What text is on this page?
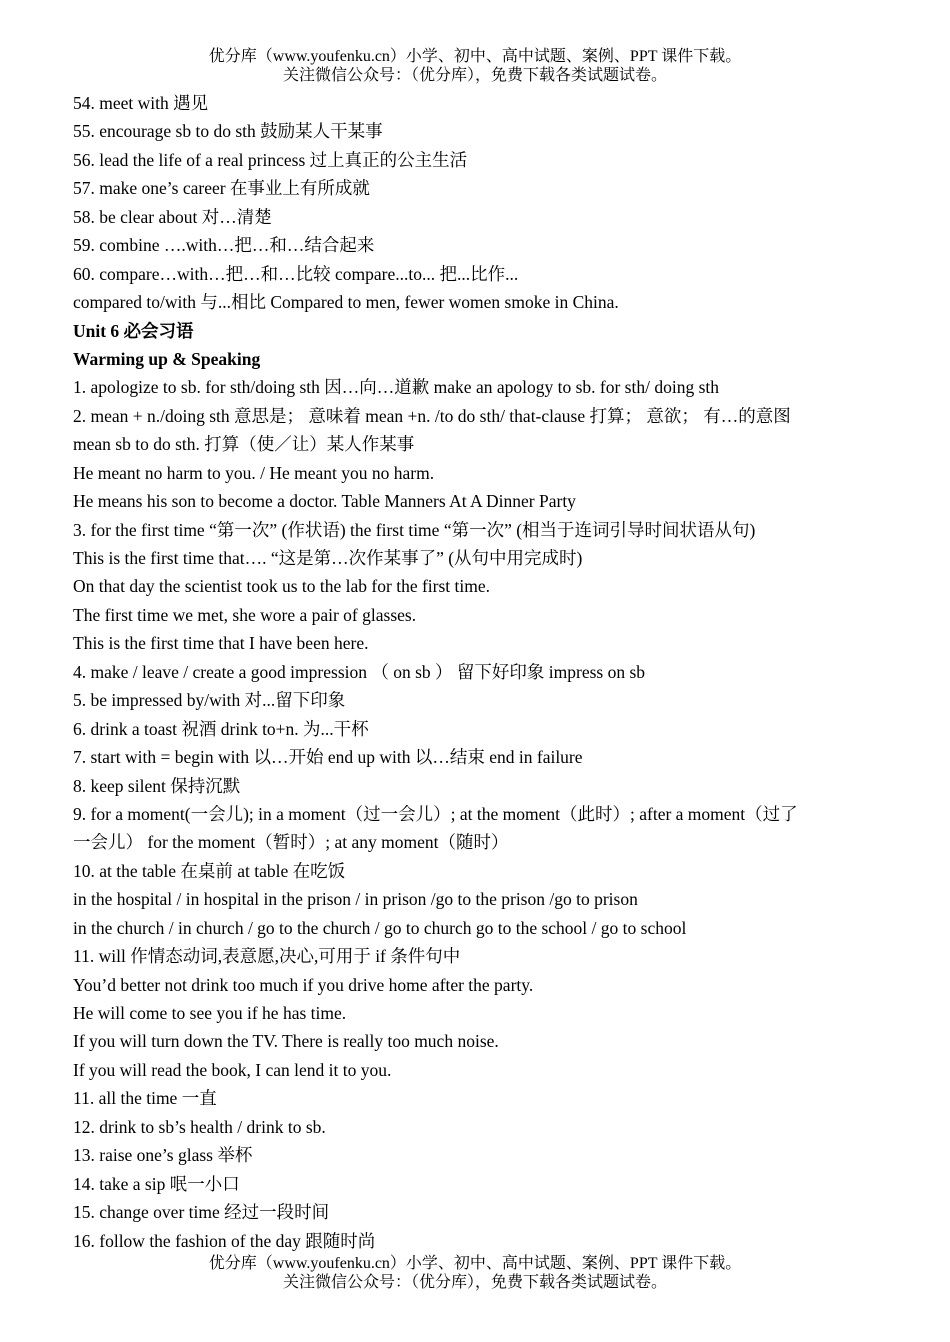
优分库（www.youfenku.cn）小学、初中、高中试题、案例、PPT 课件下载。
关注微信公众号：（优分库），免费下载各类试题试卷。
54. meet with 遇见
55. encourage sb to do sth 鼓励某人干某事
56. lead the life of a real princess 过上真正的公主生活
57. make one’s career 在事业上有所成就
58. be clear about 对…清楚
59. combine ….with…把…和…结合起来
60. compare…with…把…和…比较 compare...to... 把...比作...
compared to/with 与...相比 Compared to men, fewer women smoke in China.
Unit 6 必会习语
Warming up & Speaking
1. apologize to sb. for sth/doing sth 因…向…道歉 make an apology to sb. for sth/ doing sth
2. mean + n./doing sth 意思是； 意味着 mean +n. /to do sth/ that-clause 打算； 意欲； 有…的意图
mean sb to do sth. 打算（使／让）某人作某事
He meant no harm to you. / He meant you no harm.
He means his son to become a doctor. Table Manners At A Dinner Party
3. for the first time “第一次” (作状语) the first time “第一次” (相当于连词引导时间状语从句)
This is the first time that…. “这是第…次作某事了” (从句中用完成时)
On that day the scientist took us to the lab for the first time.
The first time we met, she wore a pair of glasses.
This is the first time that I have been here.
4. make / leave / create a good impression （ on sb ） 留下好印象 impress on sb
5. be impressed by/with 对...留下印象
6. drink a toast 祝酒 drink to+n. 为...干杯
7. start with = begin with 以…开始 end up with 以…结束 end in failure
8. keep silent 保持沉默
9. for a moment(一会儿); in a moment（过一会儿）; at the moment（此时）; after a moment（过了
一会儿） for the moment（暂时）; at any moment（随时）
10. at the table 在桌前 at table 在吃饭
in the hospital / in hospital in the prison / in prison /go to the prison /go to prison
in the church / in church / go to the church / go to church go to the school / go to school
11. will 作情态动词,表意愿,决心,可用于 if 条件句中
You’d better not drink too much if you drive home after the party.
He will come to see you if he has time.
If you will turn down the TV. There is really too much noise.
If you will read the book, I can lend it to you.
11. all the time 一直
12. drink to sb’s health / drink to sb.
13. raise one’s glass 举杯
14. take a sip 呡一小口
15. change over time 经过一段时间
16. follow the fashion of the day 跟随时尚
优分库（www.youfenku.cn）小学、初中、高中试题、案例、PPT 课件下载。
关注微信公众号：（优分库），免费下载各类试题试卷。
